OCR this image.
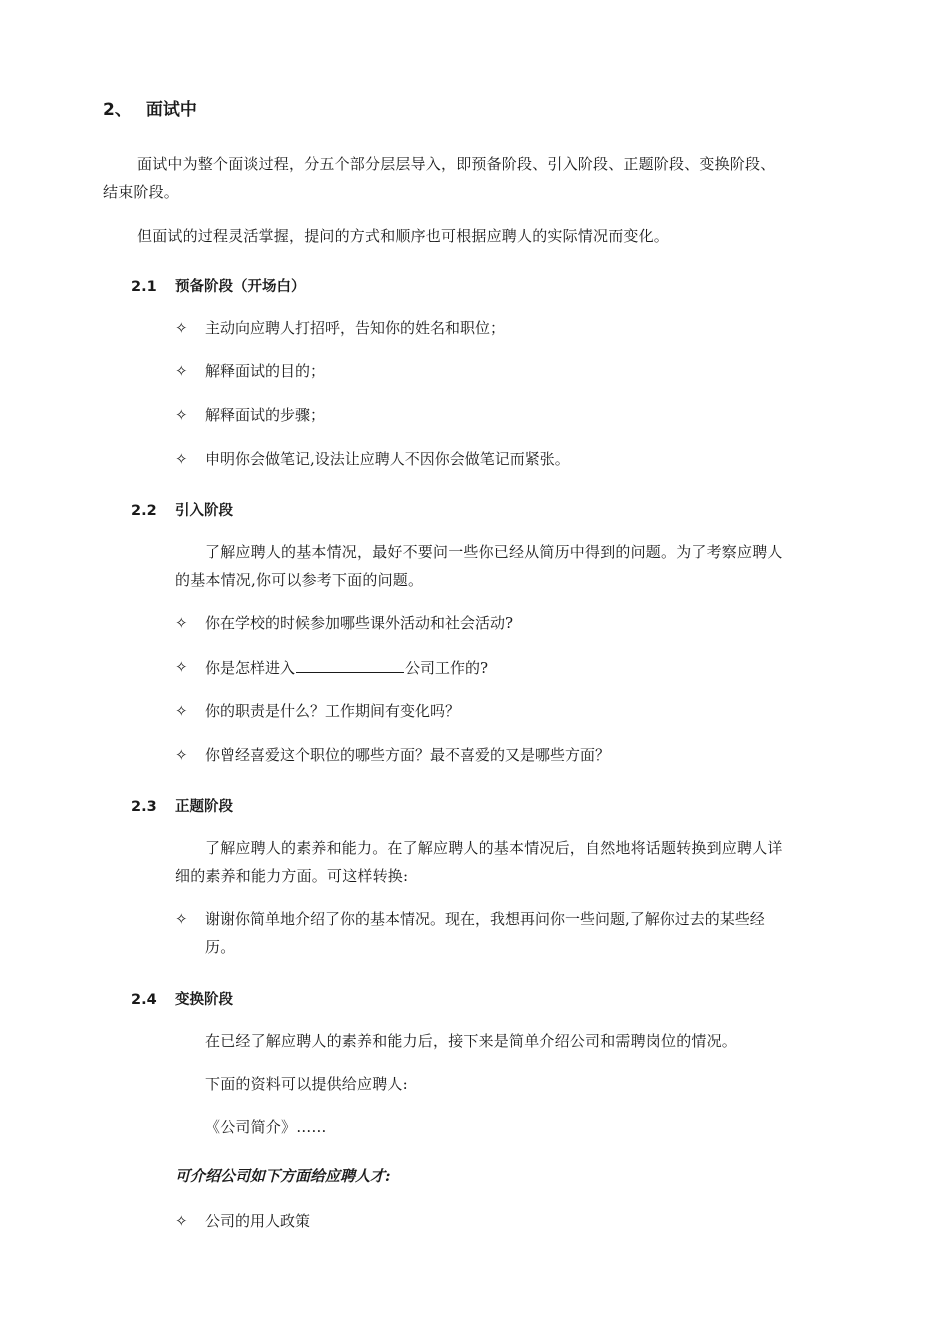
2、 面试中
面试中为整个面谈过程，分五个部分层层导入，即预备阶段、引入阶段、正题阶段、变换阶段、
结束阶段。
但面试的过程灵活掌握，提问的方式和顺序也可根据应聘人的实际情况而变化。
2.1 预备阶段（开场白）
✧ 主动向应聘人打招呼，告知你的姓名和职位；
✧ 解释面试的目的；
✧ 解释面试的步骤；
✧ 申明你会做笔记,设法让应聘人不因你会做笔记而紧张。
2.2 引入阶段
了解应聘人的基本情况，最好不要问一些你已经从简历中得到的问题。为了考察应聘人
的基本情况,你可以参考下面的问题。
✧ 你在学校的时候参加哪些课外活动和社会活动?
✧ 你是怎样进入	公司工作的?
✧ 你的职责是什么？工作期间有变化吗？
✧ 你曾经喜爱这个职位的哪些方面？最不喜爱的又是哪些方面？
2.3 正题阶段
了解应聘人的素养和能力。在了解应聘人的基本情况后，自然地将话题转换到应聘人详
细的素养和能力方面。可这样转换:
✧ 谢谢你简单地介绍了你的基本情况。现在，我想再问你一些问题,了解你过去的某些经
历。
2.4 变换阶段
在已经了解应聘人的素养和能力后，接下来是简单介绍公司和需聘岗位的情况。
下面的资料可以提供给应聘人:
《公司简介》……
可介绍公司如下方面给应聘人才:
✧ 公司的用人政策
